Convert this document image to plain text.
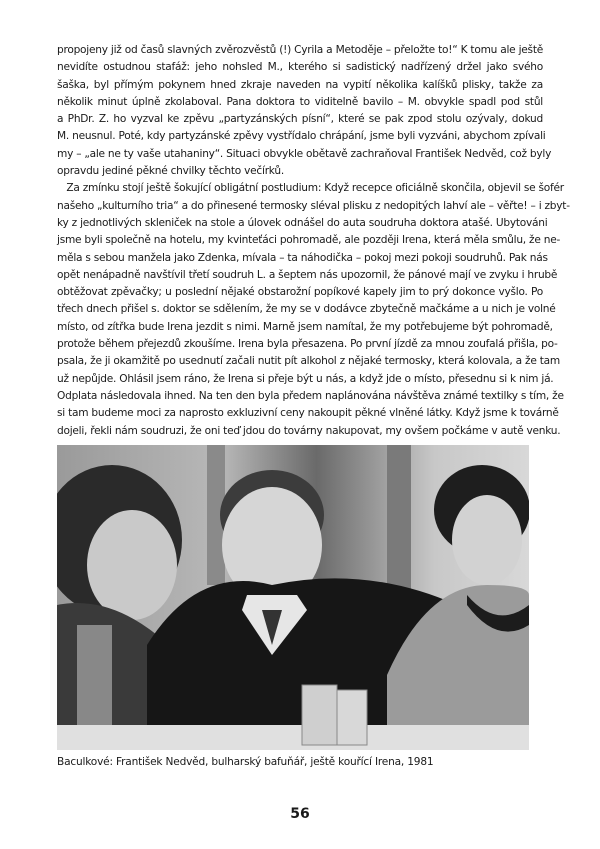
propojeny již od časů slavných zvěrozvěstů (!) Cyrila a Metoděje – přeložte to!“ K tomu ale ještě
nevidíte ostudnou stafáž: jeho nohsled M., kterého si sadistický nadřízený držel jako svého
šaška, byl přímým pokynem hned zkraje naveden na vypití několika kalíšků plisky, takže za
několik minut úplně zkolaboval. Pana doktora to viditelně bavilo – M. obvykle spadl pod stůl
a PhDr. Z. ho vyzval ke zpěvu „partyzánských písní“, které se pak zpod stolu ozývaly, dokud
M. neusnul. Poté, kdy partyzánské zpěvy vystřídalo chrápání, jsme byli vyzváni, abychom zpívali
my – „ale ne ty vaše utahaniny“. Situaci obvykle obětavě zachraňoval František Nedvěd, což byly
opravdu jediné pěkné chvilky těchto večírků.
Za zmínku stojí ještě šokující obligátní postludium: Když recepce oficiálně skončila, objevil se šofér
našeho „kulturního tria“ a do přinesené termosky sléval plisku z nedopitých lahví ale – věřte! – i zbyt-
ky z jednotlivých skleniček na stole a úlovek odnášel do auta soudruha doktora atašé. Ubytováni
jsme byli společně na hotelu, my kvinteťáci pohromadě, ale později Irena, která měla smůlu, že ne-
měla s sebou manžela jako Zdenka, mívala – ta náhodička – pokoj mezi pokoji soudruhů. Pak nás
opět nenápadně navštívil třetí soudruh L. a šeptem nás upozornil, že pánové mají ve zvyku i hrubě
obtěžovat zpěvačky; u poslední nějaké obstarožní popíkové kapely jim to prý dokonce vyšlo. Po
třech dnech přišel s. doktor se sdělením, že my se v dodávce zbytečně mačkáme a u nich je volné
místo, od zítřka bude Irena jezdit s nimi. Marně jsem namítal, že my potřebujeme být pohromadě,
protože během přejezdů zkoušíme. Irena byla přesazena. Po první jízdě za mnou zoufalá přišla, po-
psala, že ji okamžitě po usednutí začali nutit pít alkohol z nějaké termosky, která kolovala, a že tam
už nepůjde. Ohlásil jsem ráno, že Irena si přeje být u nás, a když jde o místo, přesednu si k nim já.
Odplata následovala ihned. Na ten den byla předem naplánována návštěva známé textilky s tím, že
si tam budeme moci za naprosto exkluzivní ceny nakoupit pěkné vlněné látky. Když jsme k továrně
dojeli, řekli nám soudruzi, že oni teď jdou do továrny nakupovat, my ovšem počkáme v autě venku.
Baculkové: František Nedvěd, bulharský bafuňář, ještě kouřící Irena, 1981
56
